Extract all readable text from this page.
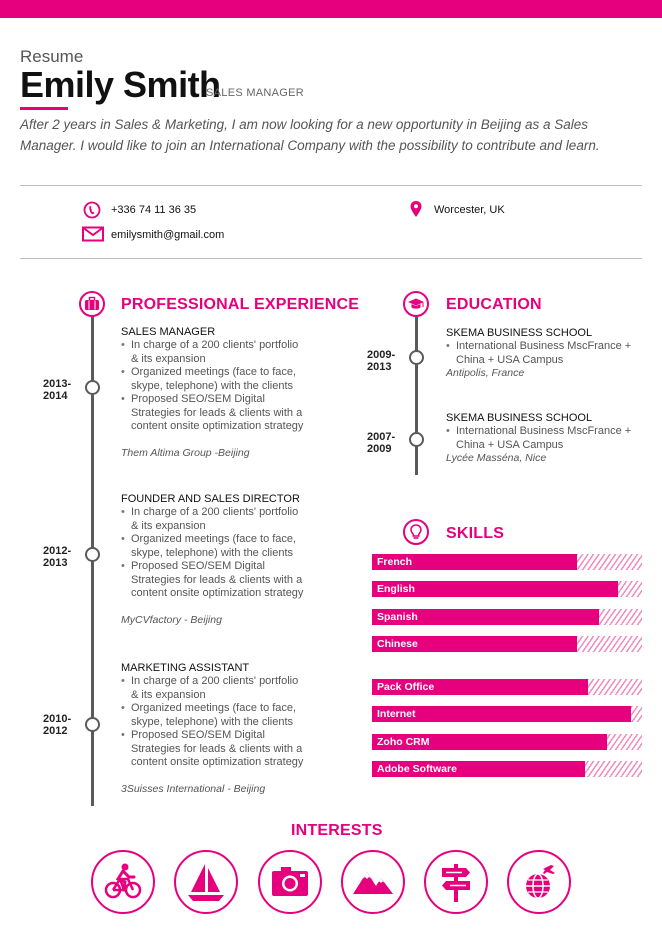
Resume
Emily Smith
SALES MANAGER
After 2 years in Sales & Marketing, I am now looking for a new opportunity in Beijing as a Sales Manager. I would like to join an International Company with the possibility to contribute and learn.
+336 74 11 36 35
emilysmith@gmail.com
Worcester, UK
PROFESSIONAL EXPERIENCE
2013-
2014
SALES MANAGER
• In charge of a 200 clients' portfolio & its expansion
• Organized meetings (face to face, skype, telephone) with the clients
• Proposed SEO/SEM Digital Strategies for leads & clients with a content onsite optimization strategy
Them Altima Group -Beijing
2012-
2013
FOUNDER AND SALES DIRECTOR
• In charge of a 200 clients' portfolio & its expansion
• Organized meetings (face to face, skype, telephone) with the clients
• Proposed SEO/SEM Digital Strategies for leads & clients with a content onsite optimization strategy
MyCVfactory - Beijing
2010-
2012
MARKETING ASSISTANT
• In charge of a 200 clients' portfolio & its expansion
• Organized meetings (face to face, skype, telephone) with the clients
• Proposed SEO/SEM Digital Strategies for leads & clients with a content onsite optimization strategy
3Suisses International - Beijing
EDUCATION
2009-
2013
SKEMA BUSINESS SCHOOL
• International Business MscFrance + China + USA Campus
Antipolis, France
2007-
2009
SKEMA BUSINESS SCHOOL
• International Business MscFrance + China + USA Campus
Lycée Masséna, Nice
SKILLS
French
English
Spanish
Chinese
Pack Office
Internet
Zoho CRM
Adobe Software
INTERESTS
